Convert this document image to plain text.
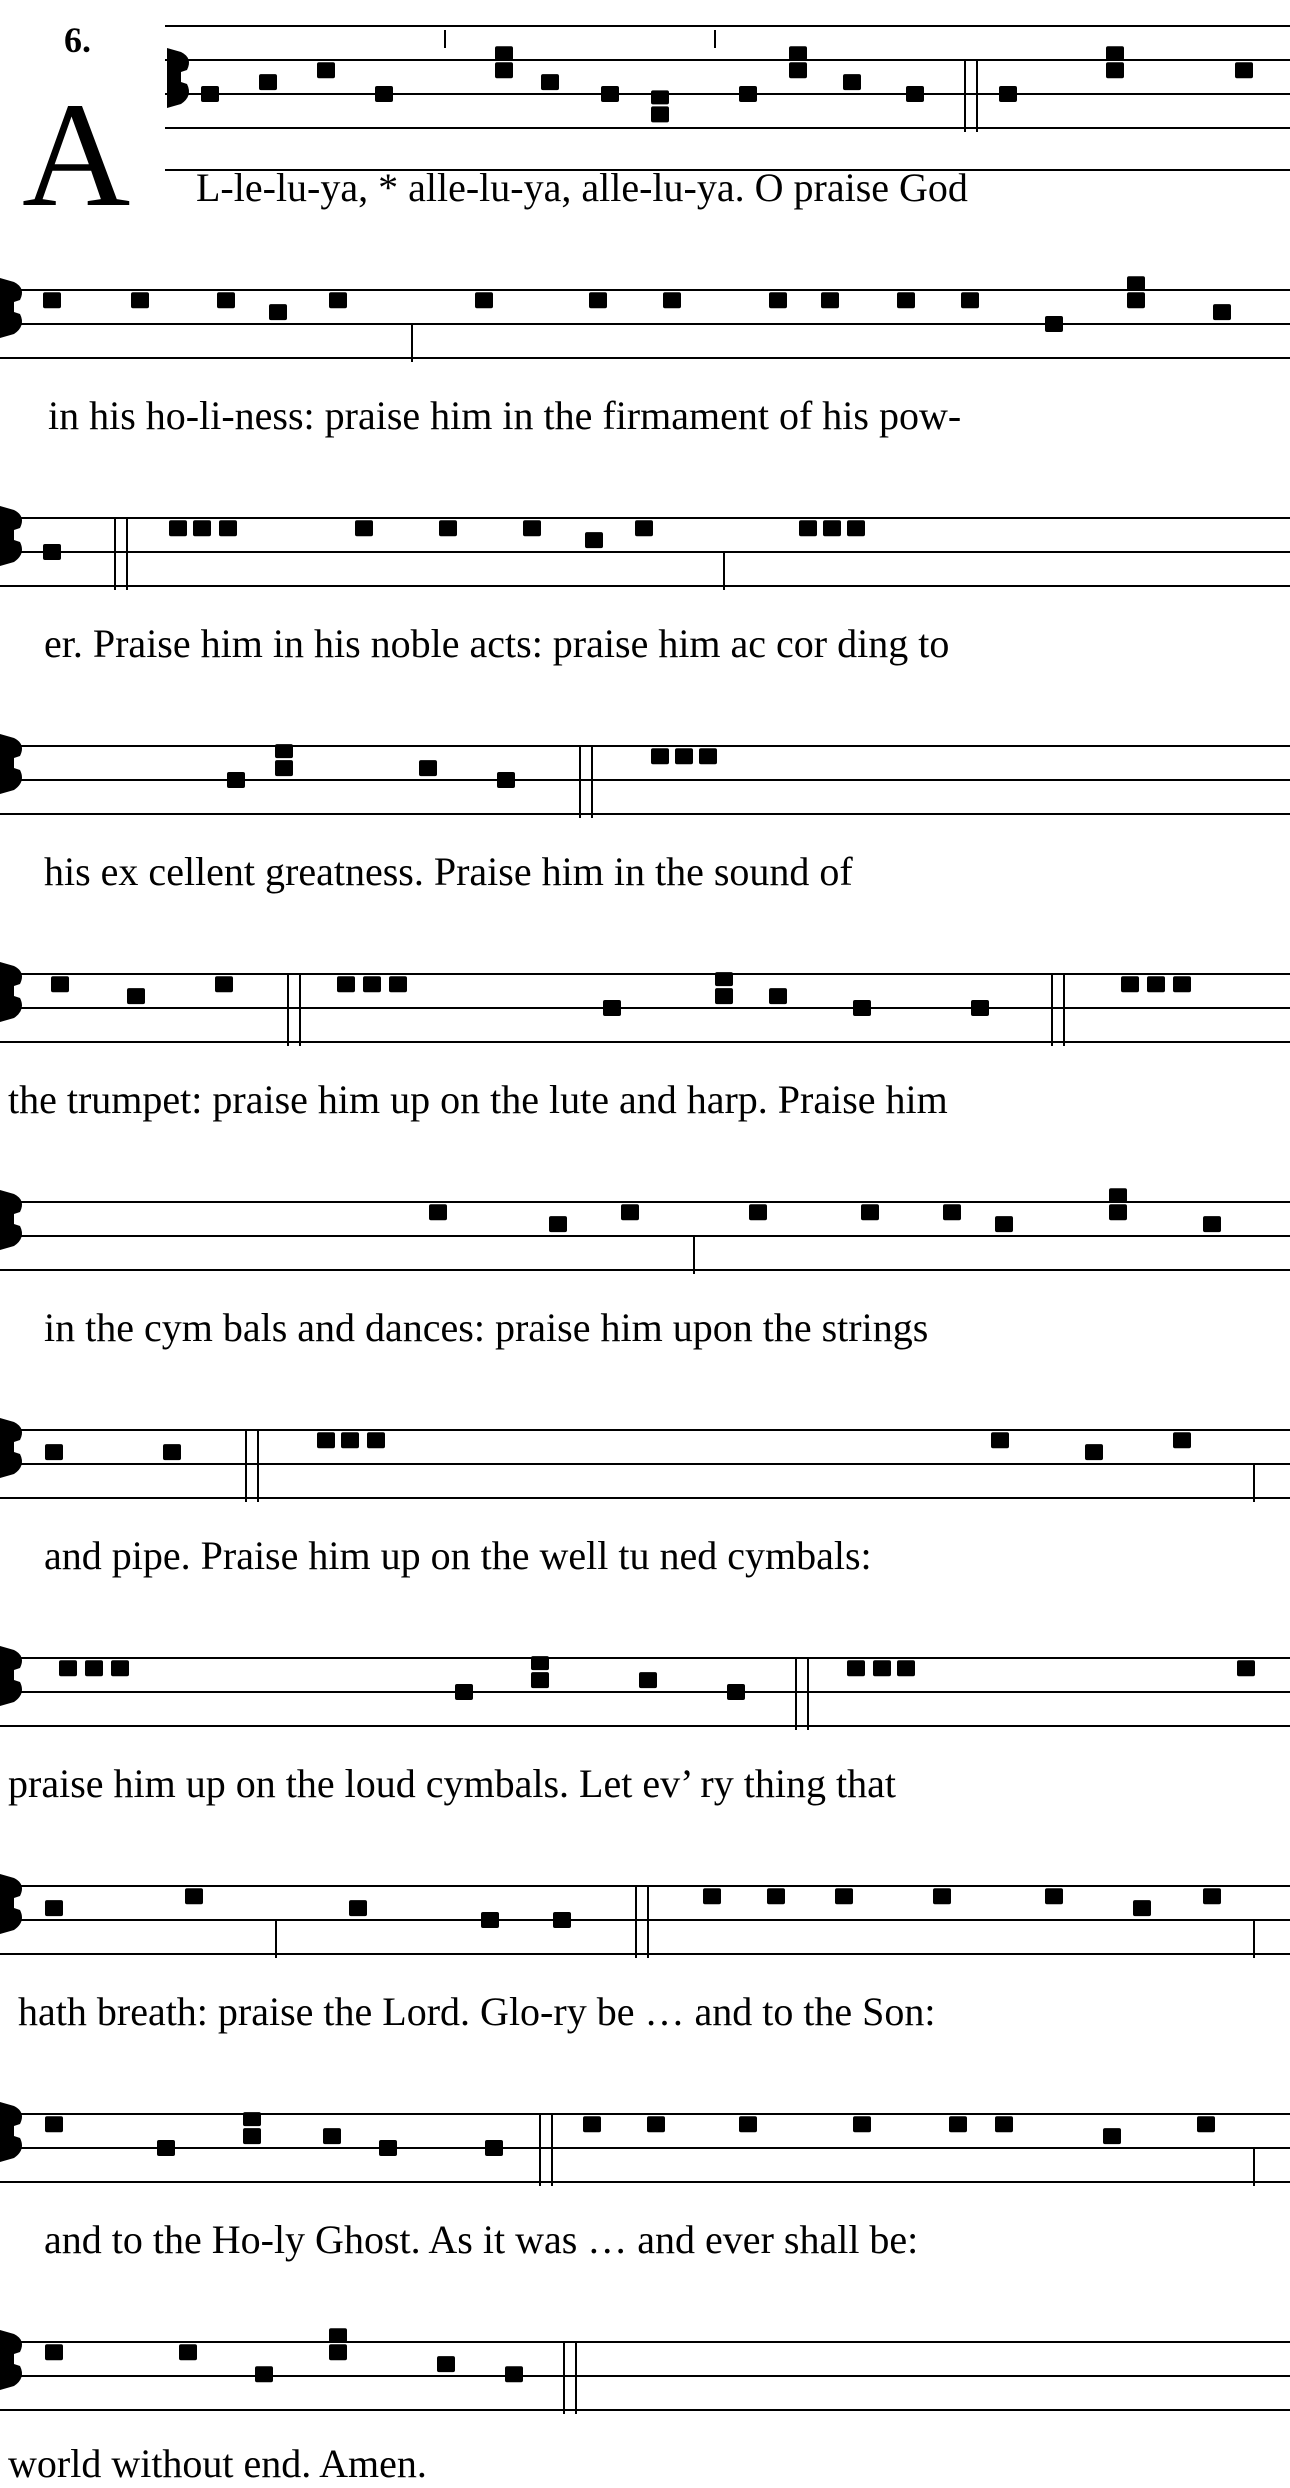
6.
A L-le-lu-ya, * alle-lu-ya, alle-lu-ya. O praise God
in his ho-li-ness: praise him in the firmament of his pow-
er. Praise him in his noble acts: praise him ac cor ding to
his ex cellent greatness. Praise him in the sound of
the trumpet: praise him up on the lute and harp. Praise him
in the cym bals and dances: praise him upon the strings
and pipe. Praise him up on the well tu ned cymbals:
praise him up on the loud cymbals. Let ev’ ry thing that
hath breath: praise the Lord. Glo-ry be … and to the Son:
and to the Ho-ly Ghost. As it was … and ever shall be:
world without end. Amen.
